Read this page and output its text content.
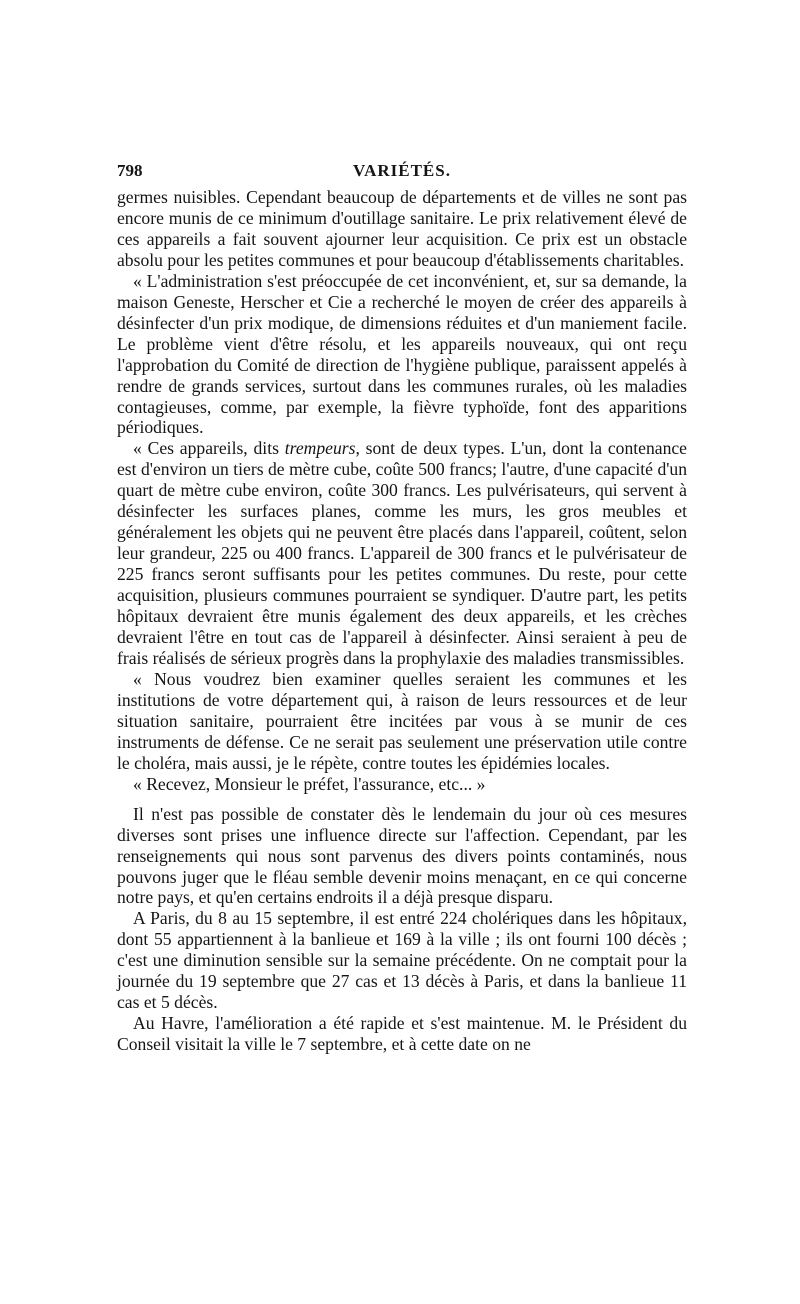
798	VARIÉTÉS.

germes nuisibles. Cependant beaucoup de départements et de villes ne sont pas encore munis de ce minimum d'outillage sanitaire. Le prix relativement élevé de ces appareils a fait souvent ajourner leur acquisition. Ce prix est un obstacle absolu pour les petites communes et pour beaucoup d'établissements charitables.

« L'administration s'est préoccupée de cet inconvénient, et, sur sa demande, la maison Geneste, Herscher et Cie a recherché le moyen de créer des appareils à désinfecter d'un prix modique, de dimensions réduites et d'un maniement facile. Le problème vient d'être résolu, et les appareils nouveaux, qui ont reçu l'approbation du Comité de direction de l'hygiène publique, paraissent appelés à rendre de grands services, surtout dans les communes rurales, où les maladies contagieuses, comme, par exemple, la fièvre typhoïde, font des apparitions périodiques.

« Ces appareils, dits trempeurs, sont de deux types. L'un, dont la contenance est d'environ un tiers de mètre cube, coûte 500 francs; l'autre, d'une capacité d'un quart de mètre cube environ, coûte 300 francs. Les pulvérisateurs, qui servent à désinfecter les surfaces planes, comme les murs, les gros meubles et généralement les objets qui ne peuvent être placés dans l'appareil, coûtent, selon leur grandeur, 225 ou 400 francs. L'appareil de 300 francs et le pulvérisateur de 225 francs seront suffisants pour les petites communes. Du reste, pour cette acquisition, plusieurs communes pourraient se syndiquer. D'autre part, les petits hôpitaux devraient être munis également des deux appareils, et les crèches devraient l'être en tout cas de l'appareil à désinfecter. Ainsi seraient à peu de frais réalisés de sérieux progrès dans la prophylaxie des maladies transmissibles.

« Nous voudrez bien examiner quelles seraient les communes et les institutions de votre département qui, à raison de leurs ressources et de leur situation sanitaire, pourraient être incitées par vous à se munir de ces instruments de défense. Ce ne serait pas seulement une préservation utile contre le choléra, mais aussi, je le répète, contre toutes les épidémies locales.

« Recevez, Monsieur le préfet, l'assurance, etc... »

Il n'est pas possible de constater dès le lendemain du jour où ces mesures diverses sont prises une influence directe sur l'affection. Cependant, par les renseignements qui nous sont parvenus des divers points contaminés, nous pouvons juger que le fléau semble devenir moins menaçant, en ce qui concerne notre pays, et qu'en certains endroits il a déjà presque disparu.

A Paris, du 8 au 15 septembre, il est entré 224 cholériques dans les hôpitaux, dont 55 appartiennent à la banlieue et 169 à la ville ; ils ont fourni 100 décès ; c'est une diminution sensible sur la semaine précédente. On ne comptait pour la journée du 19 septembre que 27 cas et 13 décès à Paris, et dans la banlieue 11 cas et 5 décès.

Au Havre, l'amélioration a été rapide et s'est maintenue. M. le Président du Conseil visitait la ville le 7 septembre, et à cette date on ne
